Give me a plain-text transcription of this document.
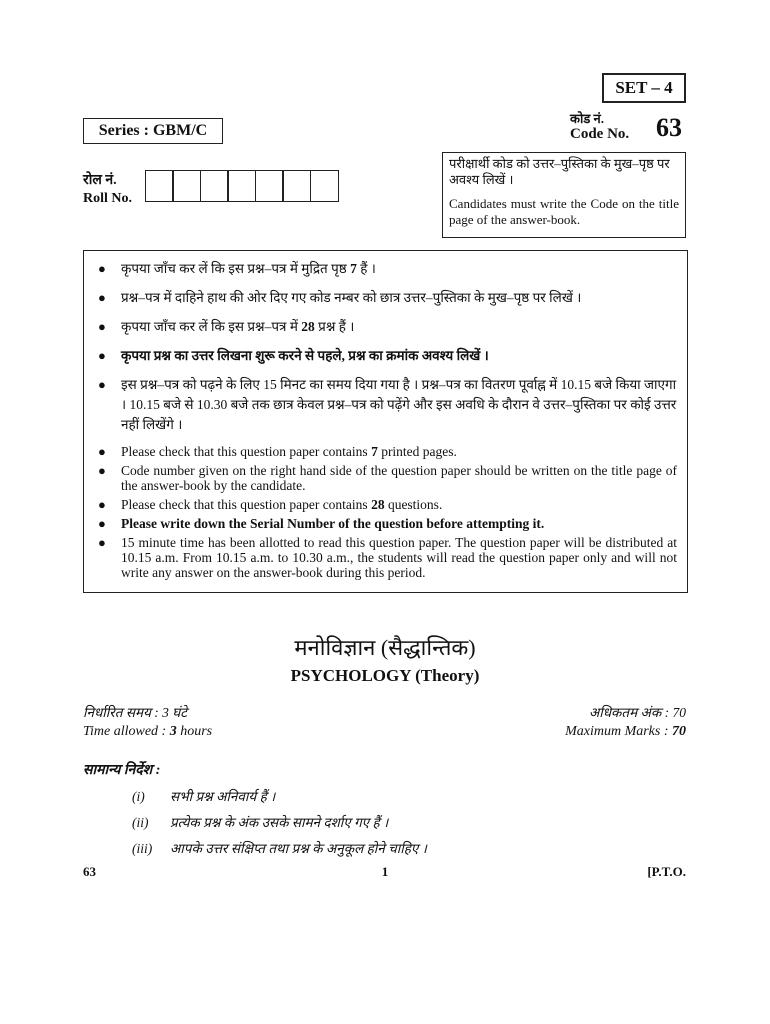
SET – 4
कोड नं.
Code No. 63
Series : GBM/C
रोल नं.
Roll No.
परीक्षार्थी कोड को उत्तर–पुस्तिका के मुख–पृष्ठ पर अवश्य लिखें ।
Candidates must write the Code on the title page of the answer-book.
● कृपया जाँच कर लें कि इस प्रश्न–पत्र में मुद्रित पृष्ठ 7 हैं ।
● प्रश्न–पत्र में दाहिने हाथ की ओर दिए गए कोड नम्बर को छात्र उत्तर–पुस्तिका के मुख–पृष्ठ पर लिखें ।
● कृपया जाँच कर लें कि इस प्रश्न–पत्र में 28 प्रश्न हैं ।
● कृपया प्रश्न का उत्तर लिखना शुरू करने से पहले, प्रश्न का क्रमांक अवश्य लिखें ।
● इस प्रश्न–पत्र को पढ़ने के लिए 15 मिनट का समय दिया गया है । प्रश्न–पत्र का वितरण पूर्वाह्न में 10.15 बजे किया जाएगा । 10.15 बजे से 10.30 बजे तक छात्र केवल प्रश्न–पत्र को पढ़ेंगे और इस अवधि के दौरान वे उत्तर–पुस्तिका पर कोई उत्तर नहीं लिखेंगे ।
● Please check that this question paper contains 7 printed pages.
● Code number given on the right hand side of the question paper should be written on the title page of the answer-book by the candidate.
● Please check that this question paper contains 28 questions.
● Please write down the Serial Number of the question before attempting it.
● 15 minute time has been allotted to read this question paper. The question paper will be distributed at 10.15 a.m. From 10.15 a.m. to 10.30 a.m., the students will read the question paper only and will not write any answer on the answer-book during this period.
मनोविज्ञान (सैद्धान्तिक)
PSYCHOLOGY (Theory)
निर्धारित समय : 3 घंटे
Time allowed : 3 hours
अधिकतम अंक : 70
Maximum Marks : 70
सामान्य निर्देश :
(i) सभी प्रश्न अनिवार्य हैं ।
(ii) प्रत्येक प्रश्न के अंक उसके सामने दर्शाए गए हैं ।
(iii) आपके उत्तर संक्षिप्त तथा प्रश्न के अनुकूल होने चाहिए ।
63	1	[P.T.O.
